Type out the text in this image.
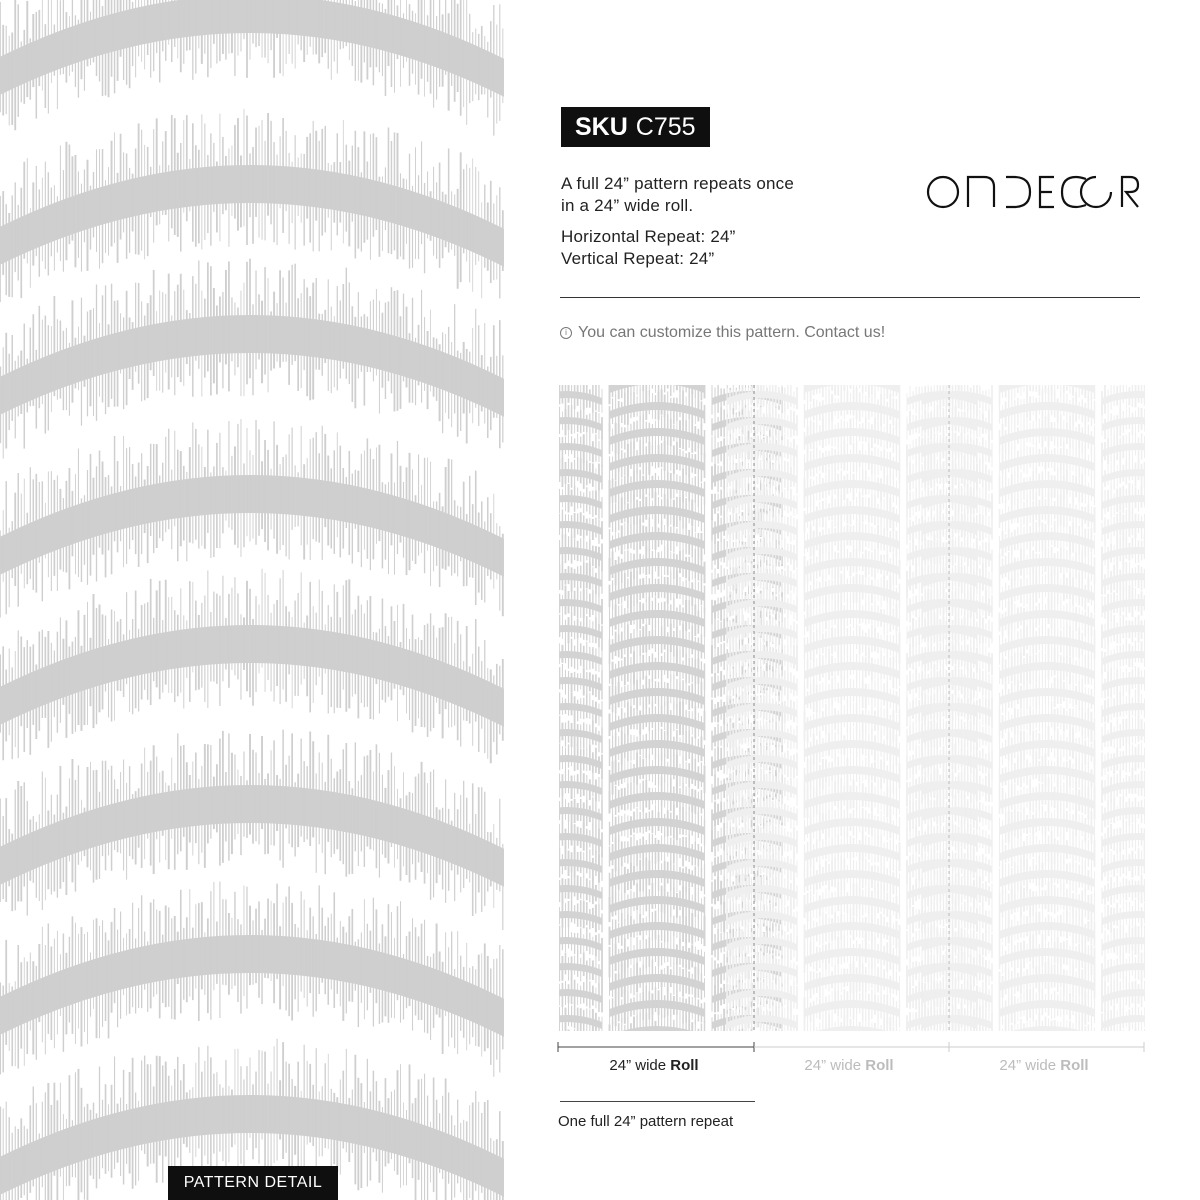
PATTERN DETAIL
SKU C755
A full 24” pattern repeats once
in a 24” wide roll.
Horizontal Repeat: 24”
Vertical Repeat: 24”
i You can customize this pattern. Contact us!
24” wide Roll	24” wide Roll	24” wide Roll
One full 24” pattern repeat
